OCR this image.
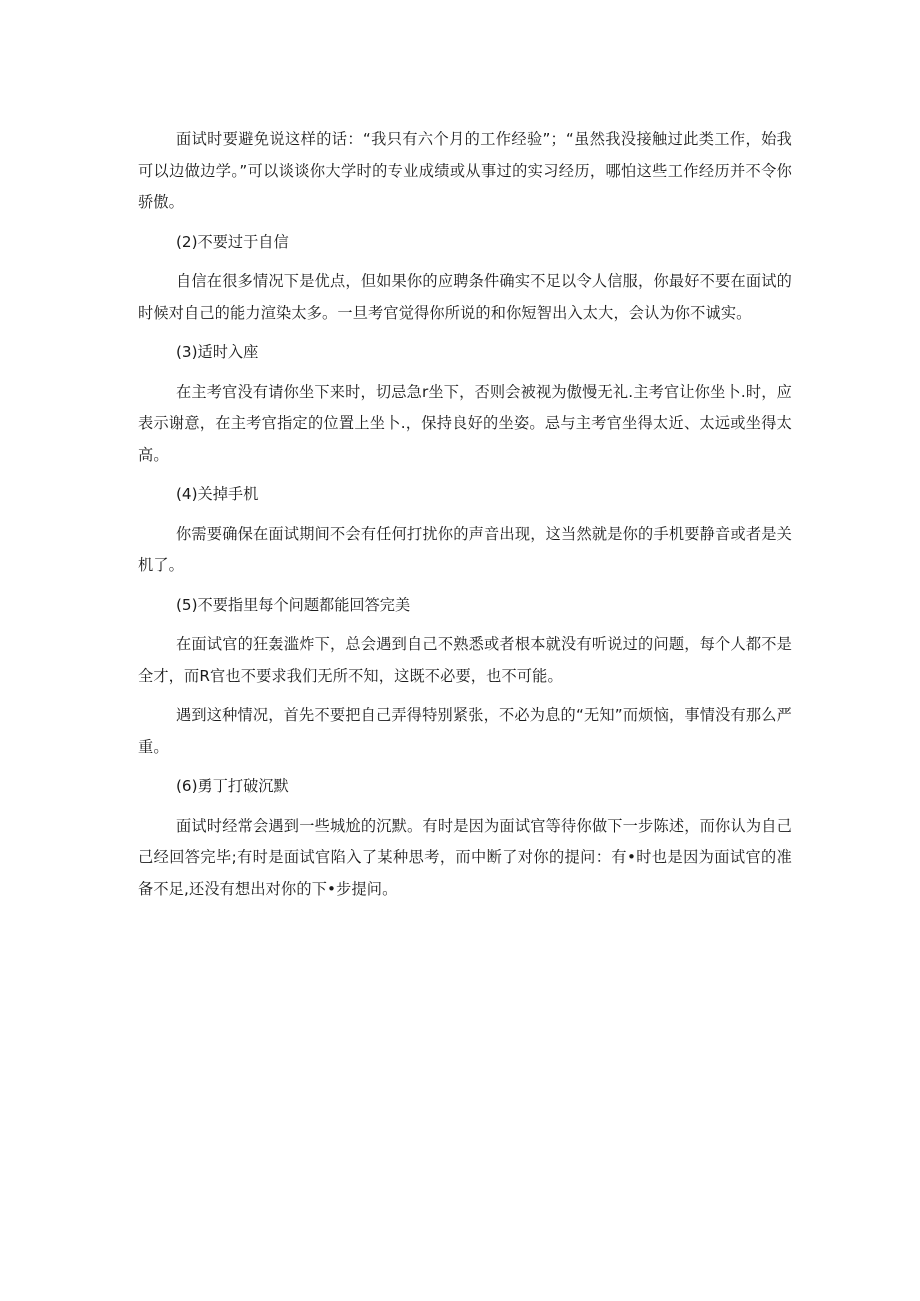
面试时要避免说这样的话：“我只有六个月的工作经验”；“虽然我没接触过此类工作，始我可以边做边学。”可以谈谈你大学时的专业成绩或从事过的实习经历，哪怕这些工作经历并不令你骄傲。

(2)不要过于自信

自信在很多情况下是优点，但如果你的应聘条件确实不足以令人信服，你最好不要在面试的时候对自己的能力渲染太多。一旦考官觉得你所说的和你短智出入太大，会认为你不诚实。

(3)适时入座

在主考官没有请你坐下来时，切忌急r坐下，否则会被视为傲慢无礼.主考官让你坐卜.时，应表示谢意，在主考官指定的位置上坐卜.，保持良好的坐姿。忌与主考官坐得太近、太远或坐得太高。

(4)关掉手机

你需要确保在面试期间不会有任何打扰你的声音出现，这当然就是你的手机要静音或者是关机了。

(5)不要指里每个问题都能回答完美

在面试官的狂轰滥炸下，总会遇到自己不熟悉或者根本就没有听说过的问题，每个人都不是全才，而R官也不要求我们无所不知，这既不必要，也不可能。

遇到这种情况，首先不要把自己弄得特别紧张，不必为息的“无知”而烦恼，事情没有那么严重。

(6)勇丁打破沉默

面试时经常会遇到一些城尬的沉默。有时是因为面试官等待你做下一步陈述，而你认为自己己经回答完毕;有时是面试官陷入了某种思考，而中断了对你的提问：有•时也是因为面试官的准备不足,还没有想出对你的下•步提问。
